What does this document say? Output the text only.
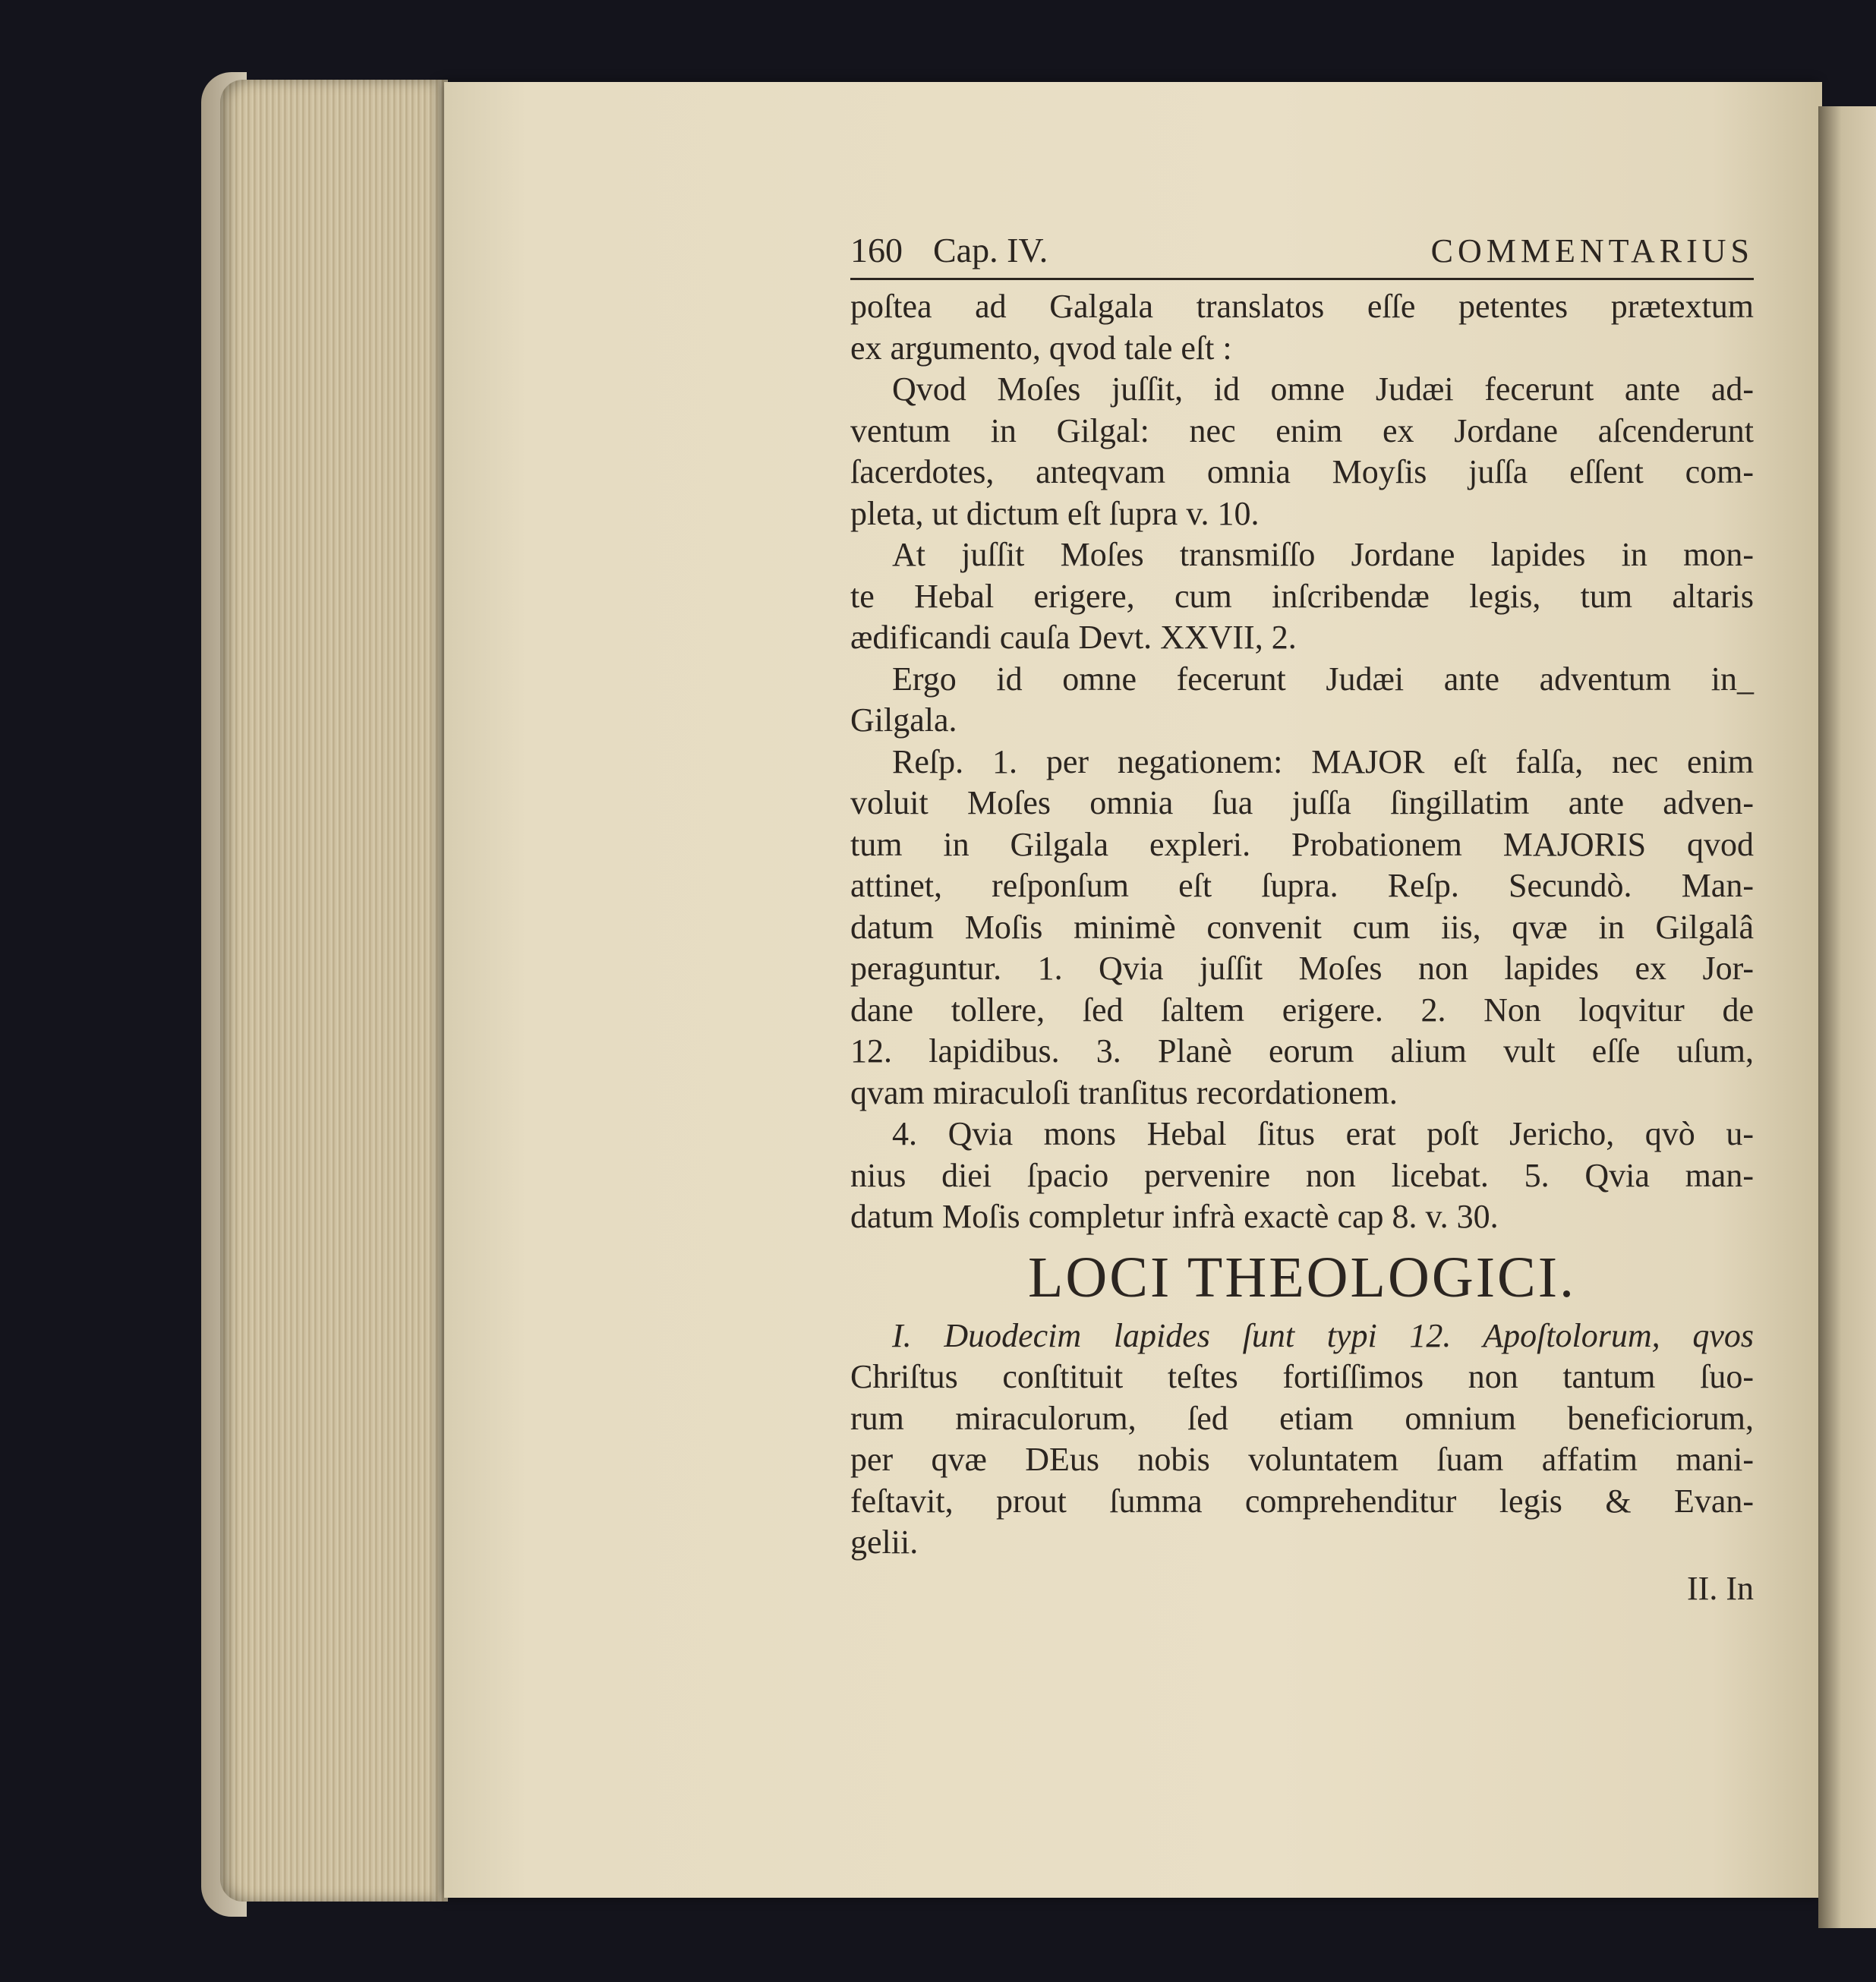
160 Cap. IV.	COMMENTARIUS
poſtea ad Galgala translatos eſſe petentes prætextum
ex argumento, qvod tale eſt :
Qvod Moſes juſſit, id omne Judæi fecerunt ante ad-
ventum in Gilgal: nec enim ex Jordane aſcenderunt
ſacerdotes, anteqvam omnia Moyſis juſſa eſſent com-
pleta, ut dictum eſt ſupra v. 10.
At juſſit Moſes transmiſſo Jordane lapides in mon-
te Hebal erigere, cum inſcribendæ legis, tum altaris
ædificandi cauſa Devt. XXVII, 2.
Ergo id omne fecerunt Judæi ante adventum in_
Gilgala.
Reſp. 1. per negationem: MAJOR eſt falſa, nec enim
voluit Moſes omnia ſua juſſa ſingillatim ante adven-
tum in Gilgala expleri. Probationem MAJORIS qvod
attinet, reſponſum eſt ſupra. Reſp. Secundò. Man-
datum Moſis minimè convenit cum iis, qvæ in Gilgalâ
peraguntur. 1. Qvia juſſit Moſes non lapides ex Jor-
dane tollere, ſed ſaltem erigere. 2. Non loqvitur de
12. lapidibus. 3. Planè eorum alium vult eſſe uſum,
qvam miraculoſi tranſitus recordationem.
4. Qvia mons Hebal ſitus erat poſt Jericho, qvò u-
nius diei ſpacio pervenire non licebat. 5. Qvia man-
datum Moſis completur infrà exactè cap 8. v. 30.
LOCI THEOLOGICI.
I. Duodecim lapides ſunt typi 12. Apoſtolorum, qvos
Chriſtus conſtituit teſtes fortiſſimos non tantum ſuo-
rum miraculorum, ſed etiam omnium beneficiorum,
per qvæ DEus nobis voluntatem ſuam affatim mani-
feſtavit, prout ſumma comprehenditur legis & Evan-
gelii.
II. In
